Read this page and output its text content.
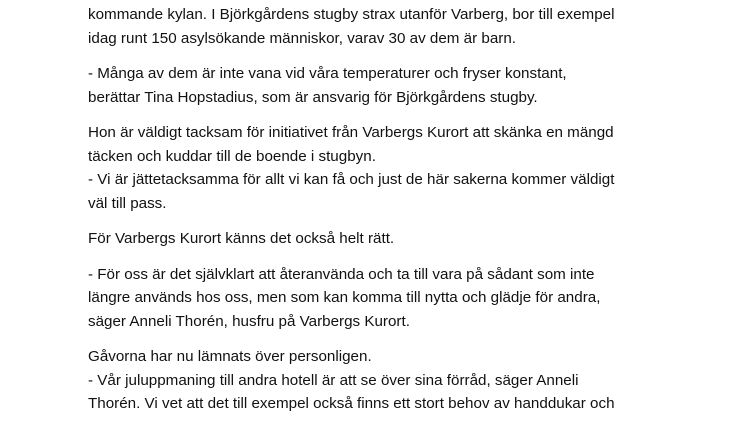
kommande kylan. I Björkgårdens stugby strax utanför Varberg, bor till exempel
idag runt 150 asylsökande människor, varav 30 av dem är barn.

- Många av dem är inte vana vid våra temperaturer och fryser konstant,
berättar Tina Hopstadius, som är ansvarig för Björkgårdens stugby.

Hon är väldigt tacksam för initiativet från Varbergs Kurort att skänka en mängd
täcken och kuddar till de boende i stugbyn.
- Vi är jättetacksamma för allt vi kan få och just de här sakerna kommer väldigt
väl till pass.

För Varbergs Kurort känns det också helt rätt.

- För oss är det självklart att återanvända och ta till vara på sådant som inte
längre används hos oss, men som kan komma till nytta och glädje för andra,
säger Anneli Thorén, husfru på Varbergs Kurort.

Gåvorna har nu lämnats över personligen.
- Vår juluppmaning till andra hotell är att se över sina förråd, säger Anneli
Thorén. Vi vet att det till exempel också finns ett stort behov av handdukar och
